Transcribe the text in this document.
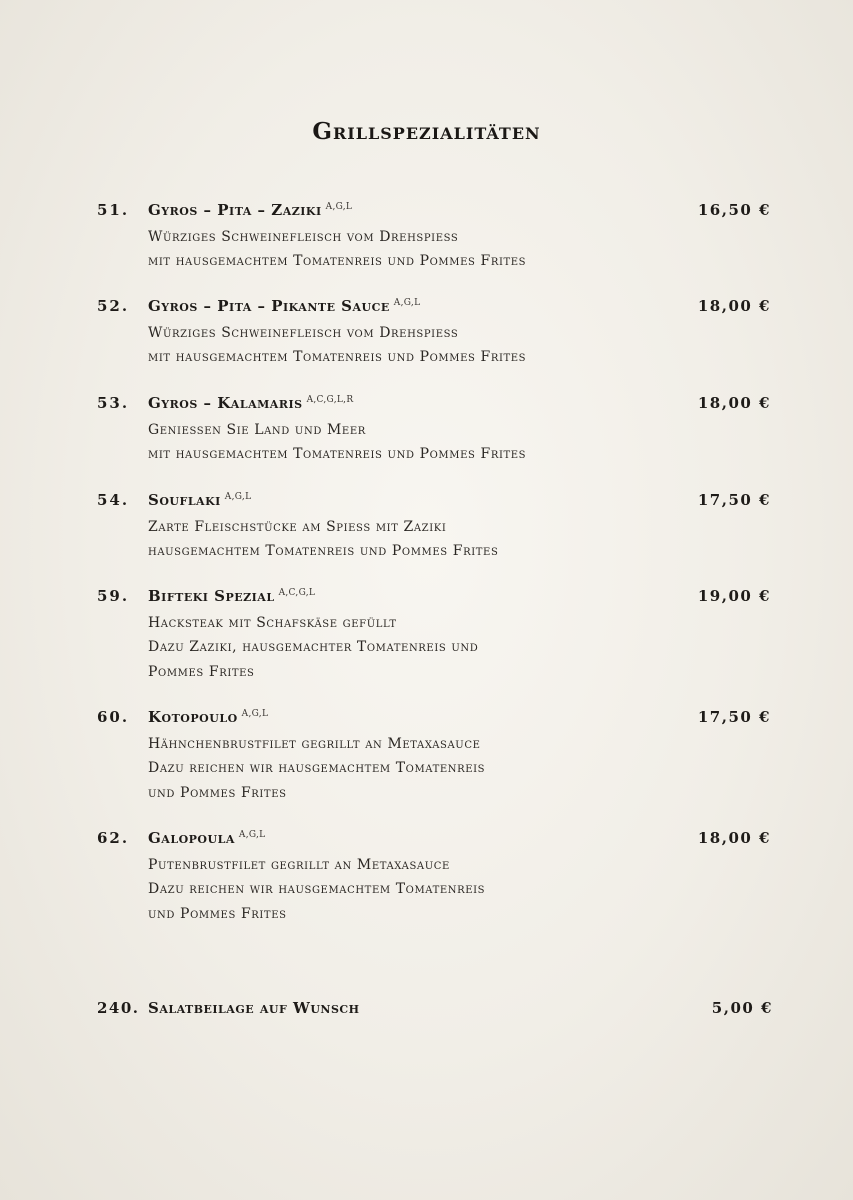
Grillspezialitäten
51. Gyros – Pita – Zaziki $^{A,G,L}$	16,50 €
Würziges Schweinefleisch vom Drehspiess
mit hausgemachtem Tomatenreis und Pommes Frites
52. Gyros – Pita – Pikante Sauce $^{A,G,L}$	18,00 €
Würziges Schweinefleisch vom Drehspiess
mit hausgemachtem Tomatenreis und Pommes Frites
53. Gyros – Kalamaris $^{A,C,G,L,R}$	18,00 €
Geniessen Sie Land und Meer
mit hausgemachtem Tomatenreis und Pommes Frites
54. Souflaki $^{A,G,L}$	17,50 €
Zarte Fleischstücke am Spiess mit Zaziki
hausgemachtem Tomatenreis und Pommes Frites
59. Bifteki Spezial $^{A,C,G,L}$	19,00 €
Hacksteak mit Schafskäse gefüllt
Dazu Zaziki, hausgemachter Tomatenreis und
Pommes Frites
60. Kotopoulo $^{A,G,L}$	17,50 €
Hähnchenbrustfilet gegrillt an Metaxasauce
Dazu reichen wir hausgemachtem Tomatenreis
und Pommes Frites
62. Galopoula $^{A,G,L}$	18,00 €
Putenbrustfilet gegrillt an Metaxasauce
Dazu reichen wir hausgemachtem Tomatenreis
und Pommes Frites
240. Salatbeilage auf Wunsch	5,00 €
